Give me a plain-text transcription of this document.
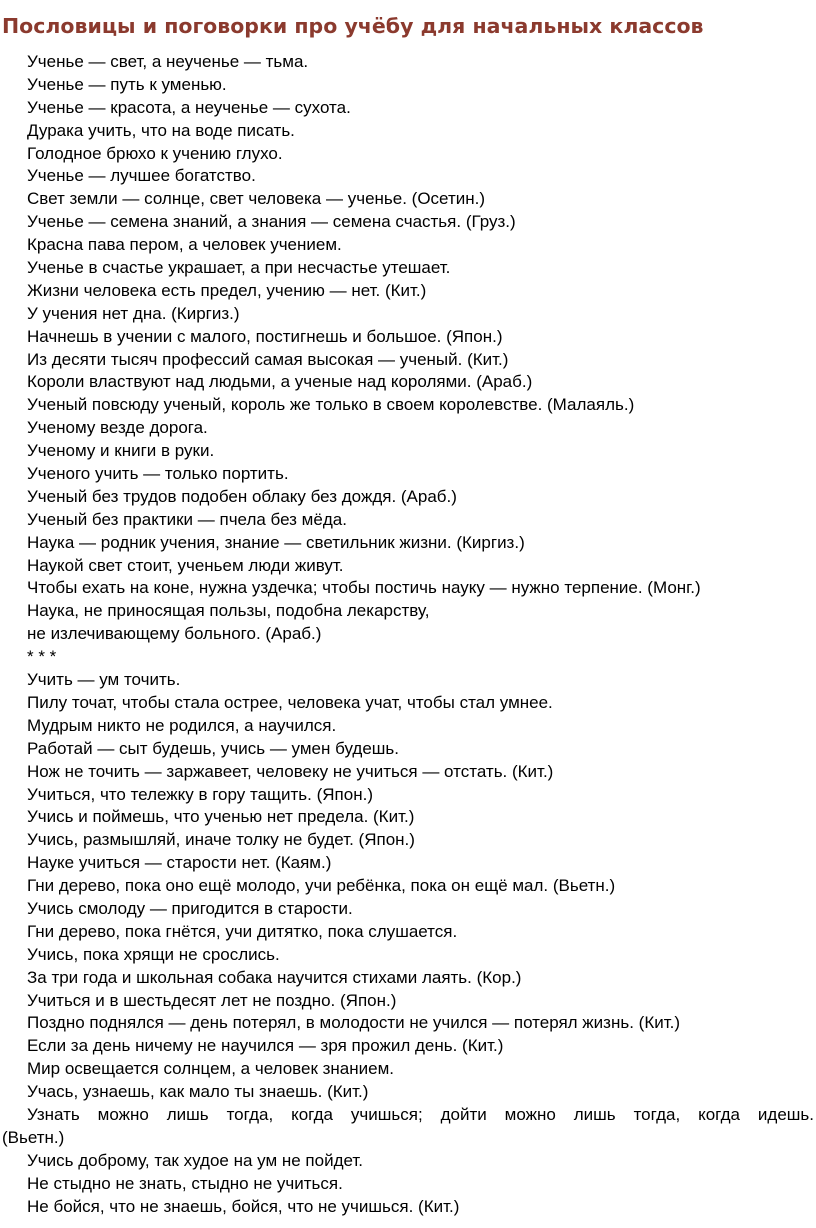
Пословицы и поговорки про учёбу для начальных классов
Ученье — свет, а неученье — тьма.
Ученье — путь к уменью.
Ученье — красота, а неученье — сухота.
Дурака учить, что на воде писать.
Голодное брюхо к учению глухо.
Ученье — лучшее богатство.
Свет земли — солнце, свет человека — ученье. (Осетин.)
Ученье — семена знаний, а знания — семена счастья. (Груз.)
Красна пава пером, а человек учением.
Ученье в счастье украшает, а при несчастье утешает.
Жизни человека есть предел, учению — нет. (Кит.)
У учения нет дна. (Киргиз.)
Начнешь в учении с малого, постигнешь и большое. (Япон.)
Из десяти тысяч профессий самая высокая — ученый. (Кит.)
Короли властвуют над людьми, а ученые над королями. (Араб.)
Ученый повсюду ученый, король же только в своем королевстве. (Малаяль.)
Ученому везде дорога.
Ученому и книги в руки.
Ученого учить — только портить.
Ученый без трудов подобен облаку без дождя. (Араб.)
Ученый без практики — пчела без мёда.
Наука — родник учения, знание — светильник жизни. (Киргиз.)
Наукой свет стоит, ученьем люди живут.
Чтобы ехать на коне, нужна уздечка; чтобы постичь науку — нужно терпение. (Монг.)
Наука, не приносящая пользы, подобна лекарству,
не излечивающему больного. (Араб.)
* * *
Учить — ум точить.
Пилу точат, чтобы стала острее, человека учат, чтобы стал умнее.
Мудрым никто не родился, а научился.
Работай — сыт будешь, учись — умен будешь.
Нож не точить — заржавеет, человеку не учиться — отстать. (Кит.)
Учиться, что тележку в гору тащить. (Япон.)
Учись и поймешь, что ученью нет предела. (Кит.)
Учись, размышляй, иначе толку не будет. (Япон.)
Науке учиться — старости нет. (Каям.)
Гни дерево, пока оно ещё молодо, учи ребёнка, пока он ещё мал. (Вьетн.)
Учись смолоду — пригодится в старости.
Гни дерево, пока гнётся, учи дитятко, пока слушается.
Учись, пока хрящи не срослись.
За три года и школьная собака научится стихами лаять. (Кор.)
Учиться и в шестьдесят лет не поздно. (Япон.)
Поздно поднялся — день потерял, в молодости не учился — потерял жизнь. (Кит.)
Если за день ничему не научился — зря прожил день. (Кит.)
Мир освещается солнцем, а человек знанием.
Учась, узнаешь, как мало ты знаешь. (Кит.)
Узнать можно лишь тогда, когда учишься; дойти можно лишь тогда, когда идешь.
(Вьетн.)
Учись доброму, так худое на ум не пойдет.
Не стыдно не знать, стыдно не учиться.
Не бойся, что не знаешь, бойся, что не учишься. (Кит.)
